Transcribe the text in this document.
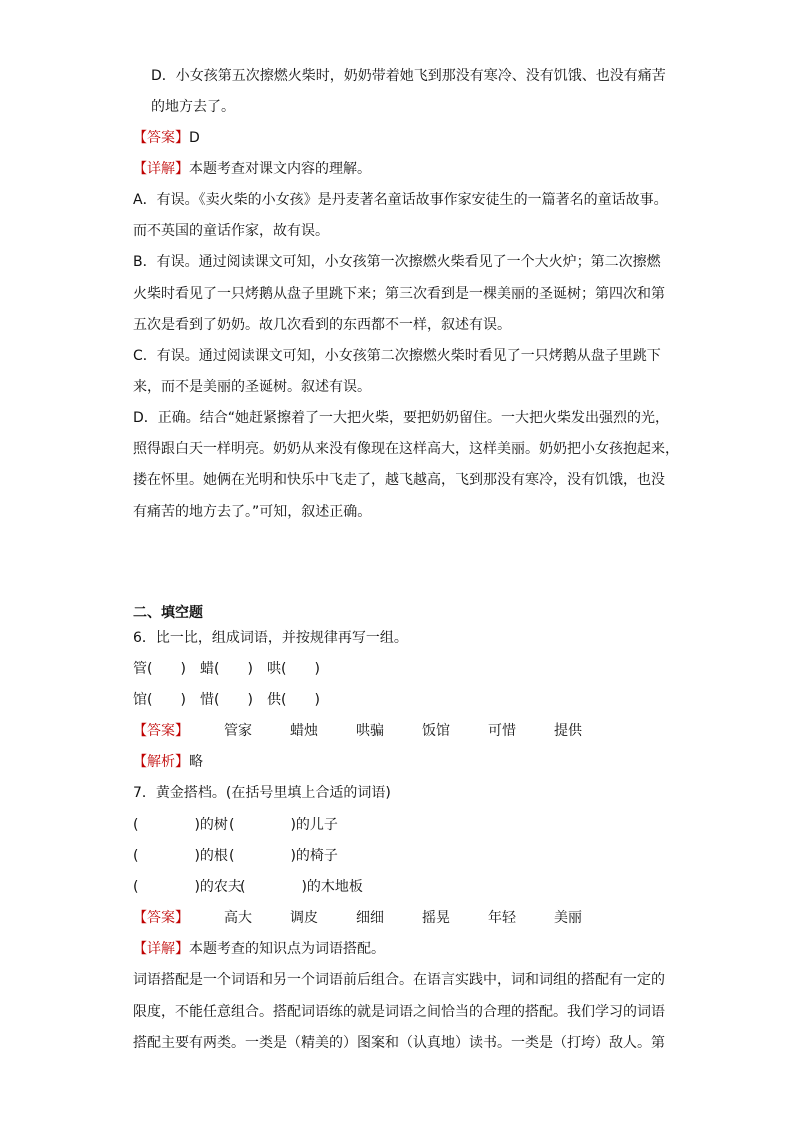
D．小女孩第五次擦燃火柴时，奶奶带着她飞到那没有寒冷、没有饥饿、也没有痛苦
的地方去了。
【答案】D
【详解】本题考查对课文内容的理解。
A．有误。《卖火柴的小女孩》是丹麦著名童话故事作家安徒生的一篇著名的童话故事。
而不英国的童话作家，故有误。
B．有误。通过阅读课文可知，小女孩第一次擦燃火柴看见了一个大火炉；第二次擦燃
火柴时看见了一只烤鹅从盘子里跳下来；第三次看到是一棵美丽的圣诞树；第四次和第
五次是看到了奶奶。故几次看到的东西都不一样，叙述有误。
C．有误。通过阅读课文可知，小女孩第二次擦燃火柴时看见了一只烤鹅从盘子里跳下
来，而不是美丽的圣诞树。叙述有误。
D．正确。结合“她赶紧擦着了一大把火柴，要把奶奶留住。一大把火柴发出强烈的光，
照得跟白天一样明亮。奶奶从来没有像现在这样高大，这样美丽。奶奶把小女孩抱起来，
搂在怀里。她俩在光明和快乐中飞走了，越飞越高，飞到那没有寒冷，没有饥饿，也没
有痛苦的地方去了。”可知，叙述正确。
二、填空题
6．比一比，组成词语，并按规律再写一组。
管(　　) 蜡(　　) 哄(　　)
馆(　　) 惜(　　) 供(　　)
【答案】	管家	蜡烛	哄骗	饭馆	可惜	提供
【解析】略
7．黄金搭档。(在括号里填上合适的词语)
(　　　　)的树(　　　　)的儿子
(　　　　)的根(　　　　)的椅子
(　　　　)的农夫(　　　　)的木地板
【答案】	高大	调皮	细细	摇晃	年轻	美丽
【详解】本题考查的知识点为词语搭配。
词语搭配是一个词语和另一个词语前后组合。在语言实践中，词和词组的搭配有一定的
限度，不能任意组合。搭配词语练的就是词语之间恰当的合理的搭配。我们学习的词语
搭配主要有两类。一类是（精美的）图案和（认真地）读书。一类是（打垮）敌人。第
